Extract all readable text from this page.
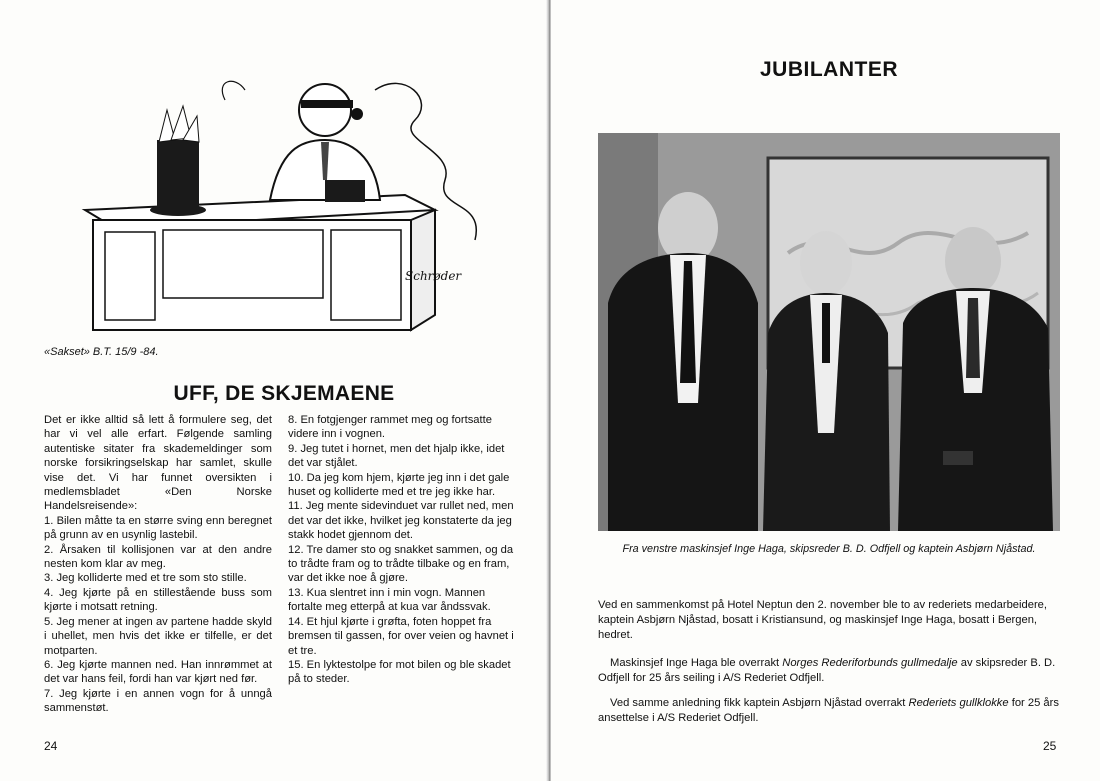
Schrøder
«Sakset» B.T. 15/9 -84.
UFF, DE SKJEMAENE

Det er ikke alltid så lett å formulere seg, det har vi vel alle erfart. Følgende samling autentiske sitater fra skademeldinger som norske forsikringselskap har samlet, skulle vise det. Vi har funnet oversikten i medlemsbladet «Den Norske Handelsreisende»:

1. Bilen måtte ta en større sving enn beregnet på grunn av en usynlig lastebil.

2. Årsaken til kollisjonen var at den andre nesten kom klar av meg.

3. Jeg kolliderte med et tre som sto stille.

4. Jeg kjørte på en stillestående buss som kjørte i motsatt retning.

5. Jeg mener at ingen av partene hadde skyld i uhellet, men hvis det ikke er tilfelle, er det motparten.

6. Jeg kjørte mannen ned. Han innrømmet at det var hans feil, fordi han var kjørt ned før.

7. Jeg kjørte i en annen vogn for å unngå sammenstøt.

8. En fotgjenger rammet meg og fortsatte videre inn i vognen.

9. Jeg tutet i hornet, men det hjalp ikke, idet det var stjålet.

10. Da jeg kom hjem, kjørte jeg inn i det gale huset og kolliderte med et tre jeg ikke har.

11. Jeg mente sidevinduet var rullet ned, men det var det ikke, hvilket jeg konstaterte da jeg stakk hodet gjennom det.

12. Tre damer sto og snakket sammen, og da to trådte fram og to trådte tilbake og en fram, var det ikke noe å gjøre.

13. Kua slentret inn i min vogn. Mannen fortalte meg etterpå at kua var åndssvak.

14. Et hjul kjørte i grøfta, foten hoppet fra bremsen til gassen, for over veien og havnet i et tre.

15. En lyktestolpe for mot bilen og ble skadet på to steder.

24
JUBILANTER
Fra venstre maskinsjef Inge Haga, skipsreder B. D. Odfjell og kaptein Asbjørn Njåstad.

Ved en sammenkomst på Hotel Neptun den 2. november ble to av rederiets medarbeidere, kaptein Asbjørn Njåstad, bosatt i Kristiansund, og maskinsjef Inge Haga, bosatt i Bergen, hedret.

Maskinsjef Inge Haga ble overrakt Norges Rederiforbunds gullmedalje av skipsreder B. D. Odfjell for 25 års seiling i A/S Rederiet Odfjell.

Ved samme anledning fikk kaptein Asbjørn Njåstad overrakt Rederiets gullklokke for 25 års ansettelse i A/S Rederiet Odfjell.

25
